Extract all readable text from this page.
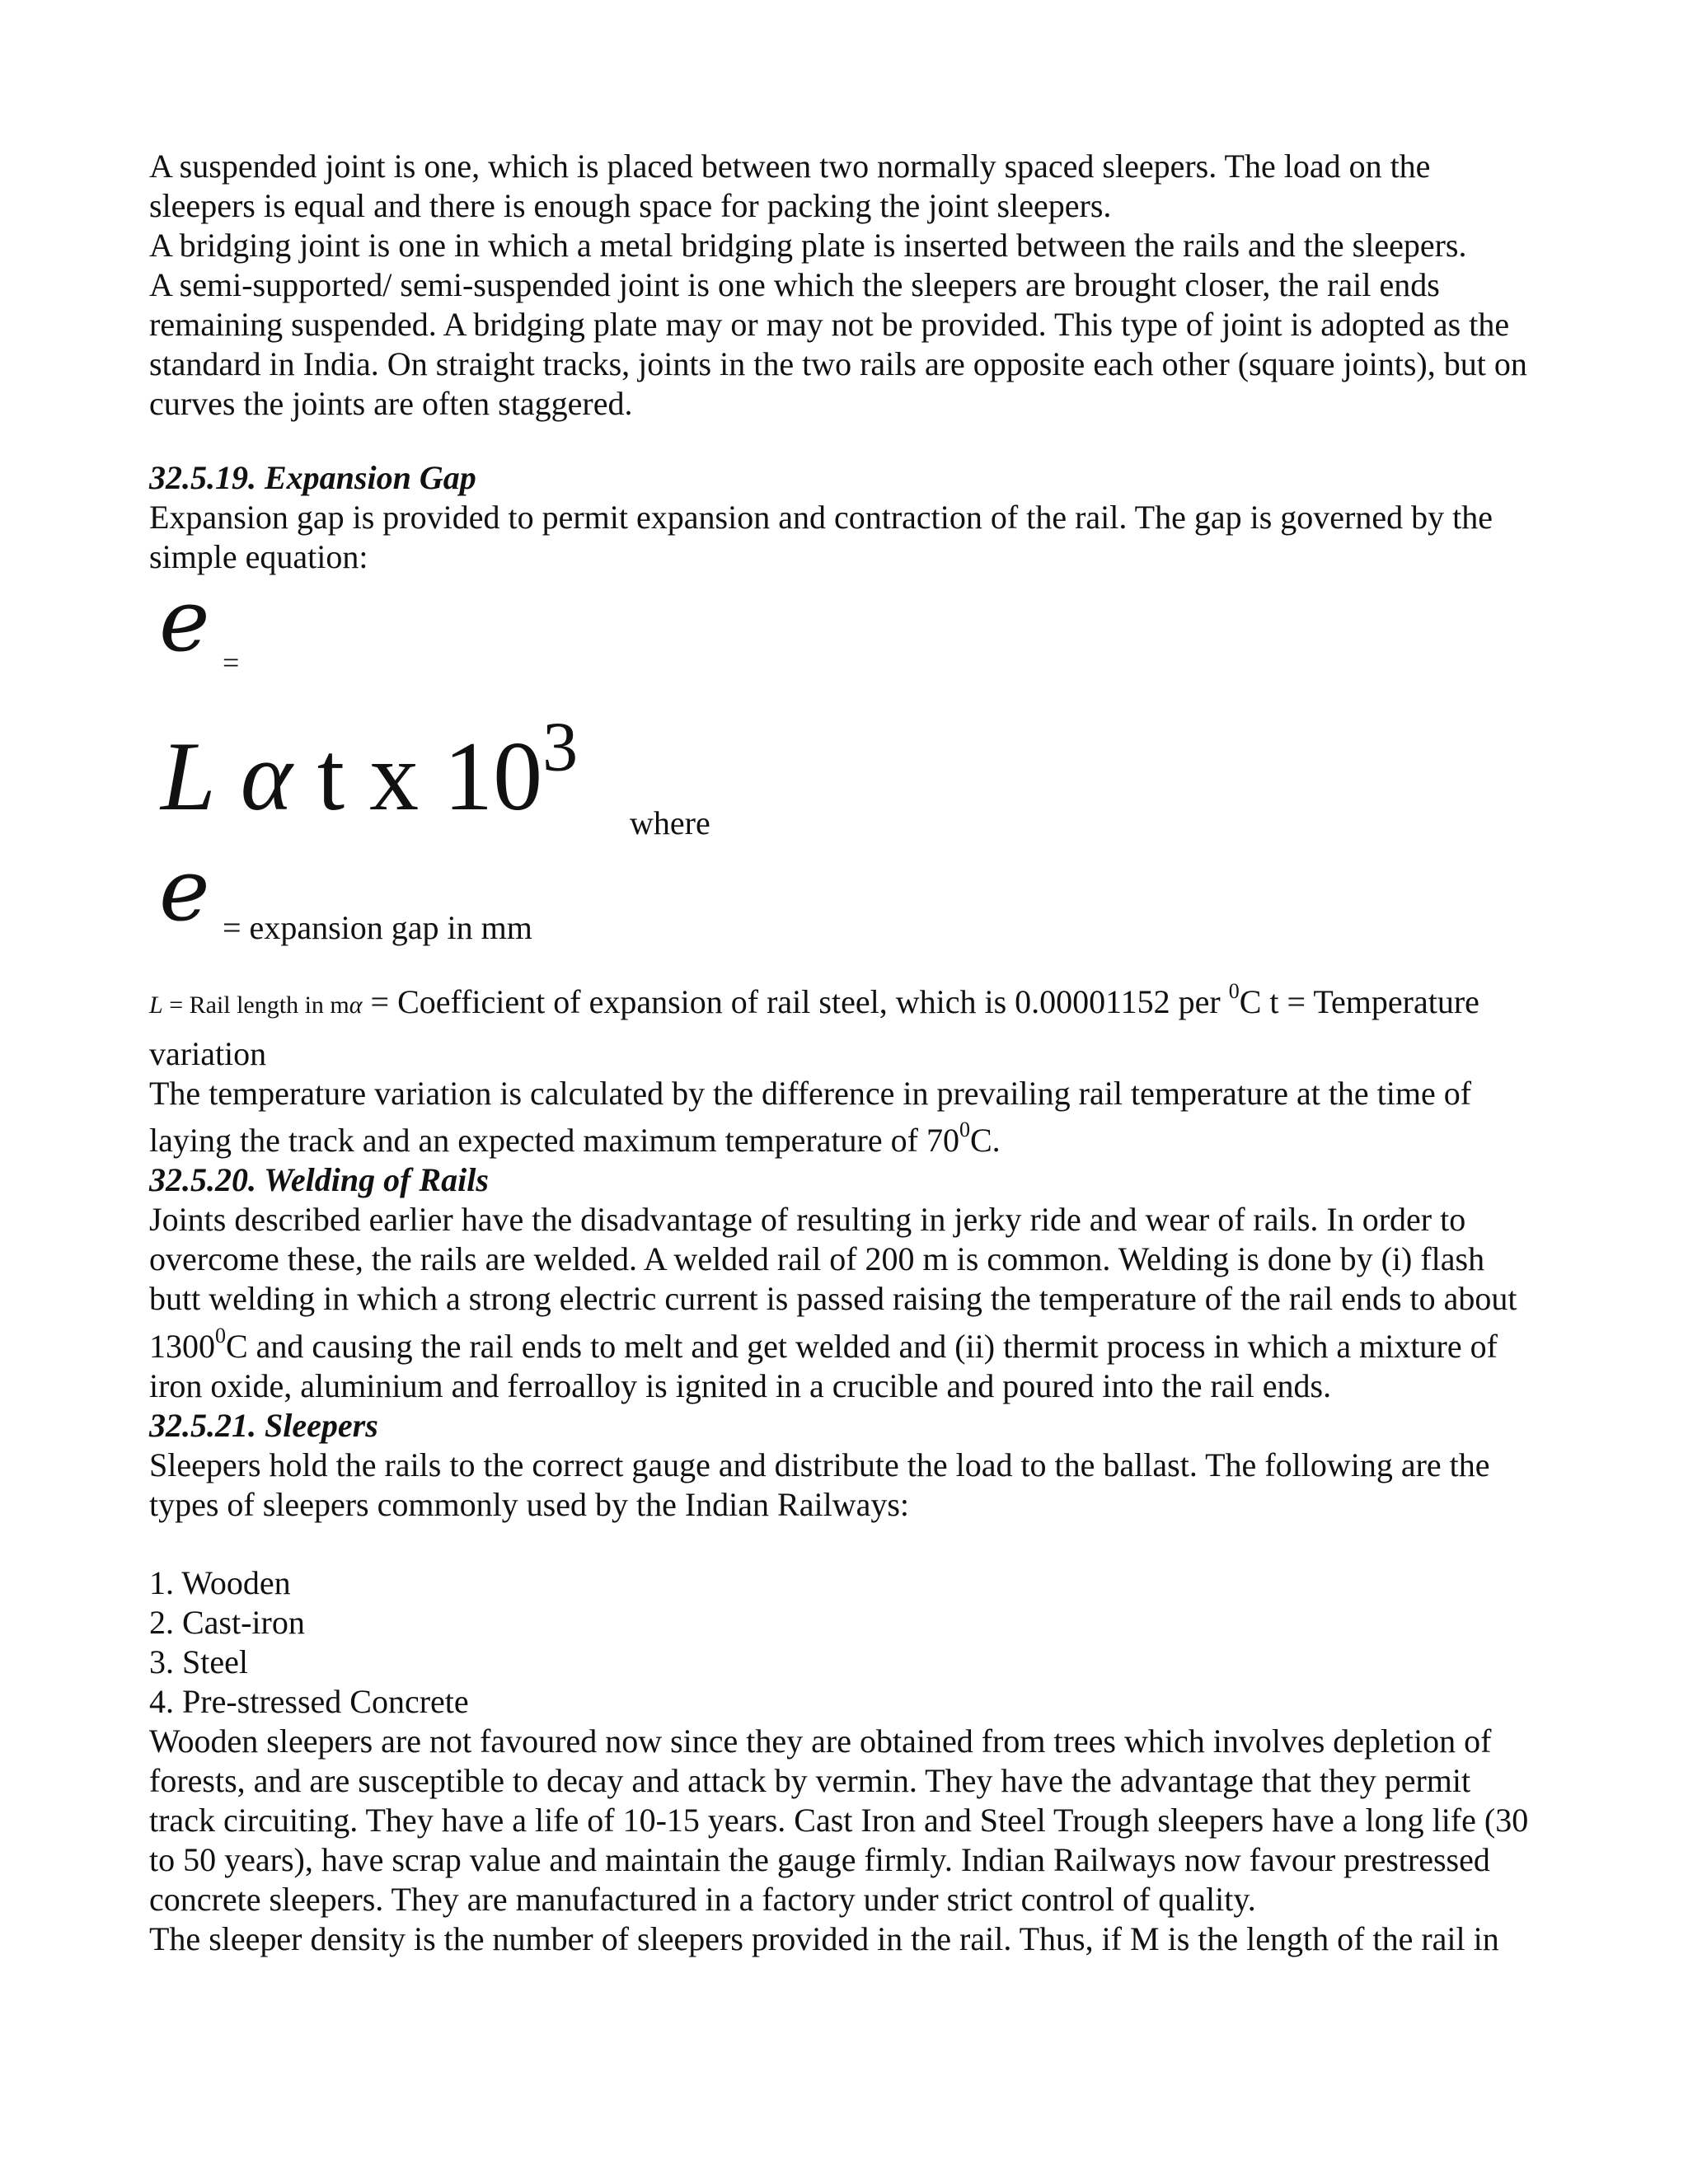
A suspended joint is one, which is placed between two normally spaced sleepers. The load on the
sleepers is equal and there is enough space for packing the joint sleepers.
A bridging joint is one in which a metal bridging plate is inserted between the rails and the sleepers.
A semi-supported/ semi-suspended joint is one which the sleepers are brought closer, the rail ends
remaining suspended. A bridging plate may or may not be provided. This type of joint is adopted as the
standard in India. On straight tracks, joints in the two rails are opposite each other (square joints), but on
curves the joints are often staggered.
32.5.19. Expansion Gap
Expansion gap is provided to permit expansion and contraction of the rail. The gap is governed by the
simple equation:
e =
L α t x $10^3$
where
e = expansion gap in mm
L = Rail length in mα = Coefficient of expansion of rail steel, which is 0.00001152 per $^0$C t = Temperature
variation
The temperature variation is calculated by the difference in prevailing rail temperature at the time of
laying the track and an expected maximum temperature of $70^0C$.
32.5.20. Welding of Rails
Joints described earlier have the disadvantage of resulting in jerky ride and wear of rails. In order to
overcome these, the rails are welded. A welded rail of 200 m is common. Welding is done by (i) flash
butt welding in which a strong electric current is passed raising the temperature of the rail ends to about
1300$^0$C and causing the rail ends to melt and get welded and (ii) thermit process in which a mixture of
iron oxide, aluminium and ferroalloy is ignited in a crucible and poured into the rail ends.
32.5.21. Sleepers
Sleepers hold the rails to the correct gauge and distribute the load to the ballast. The following are the
types of sleepers commonly used by the Indian Railways:
1. Wooden
2. Cast-iron
3. Steel
4. Pre-stressed Concrete
Wooden sleepers are not favoured now since they are obtained from trees which involves depletion of
forests, and are susceptible to decay and attack by vermin. They have the advantage that they permit
track circuiting. They have a life of 10-15 years. Cast Iron and Steel Trough sleepers have a long life (30
to 50 years), have scrap value and maintain the gauge firmly. Indian Railways now favour prestressed
concrete sleepers. They are manufactured in a factory under strict control of quality.
The sleeper density is the number of sleepers provided in the rail. Thus, if M is the length of the rail in
